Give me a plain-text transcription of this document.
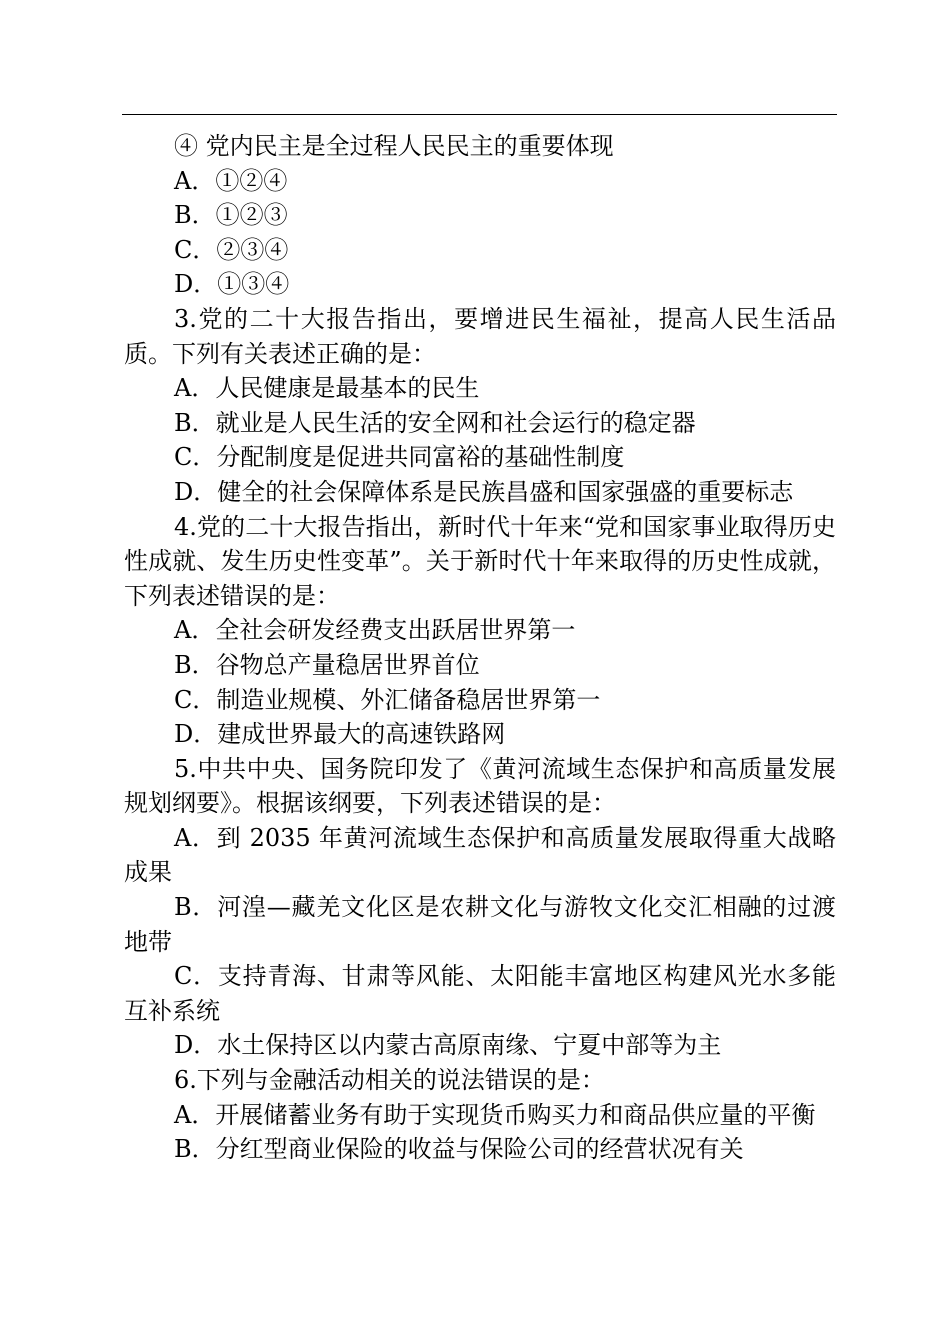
④ 党内民主是全过程人民民主的重要体现
A．①②④
B．①②③
C．②③④
D．①③④

3.党的二十大报告指出，要增进民生福祉，提高人民生活品质。下列有关表述正确的是：

A．人民健康是最基本的民生
B．就业是人民生活的安全网和社会运行的稳定器
C．分配制度是促进共同富裕的基础性制度
D．健全的社会保障体系是民族昌盛和国家强盛的重要标志

4.党的二十大报告指出，新时代十年来“党和国家事业取得历史性成就、发生历史性变革”。关于新时代十年来取得的历史性成就，下列表述错误的是：

A．全社会研发经费支出跃居世界第一
B．谷物总产量稳居世界首位
C．制造业规模、外汇储备稳居世界第一
D．建成世界最大的高速铁路网

5.中共中央、国务院印发了《黄河流域生态保护和高质量发展规划纲要》。根据该纲要，下列表述错误的是：

A．到 2035 年黄河流域生态保护和高质量发展取得重大战略成果

B．河湟—藏羌文化区是农耕文化与游牧文化交汇相融的过渡地带

C．支持青海、甘肃等风能、太阳能丰富地区构建风光水多能互补系统

D．水土保持区以内蒙古高原南缘、宁夏中部等为主

6.下列与金融活动相关的说法错误的是：

A．开展储蓄业务有助于实现货币购买力和商品供应量的平衡

B．分红型商业保险的收益与保险公司的经营状况有关
